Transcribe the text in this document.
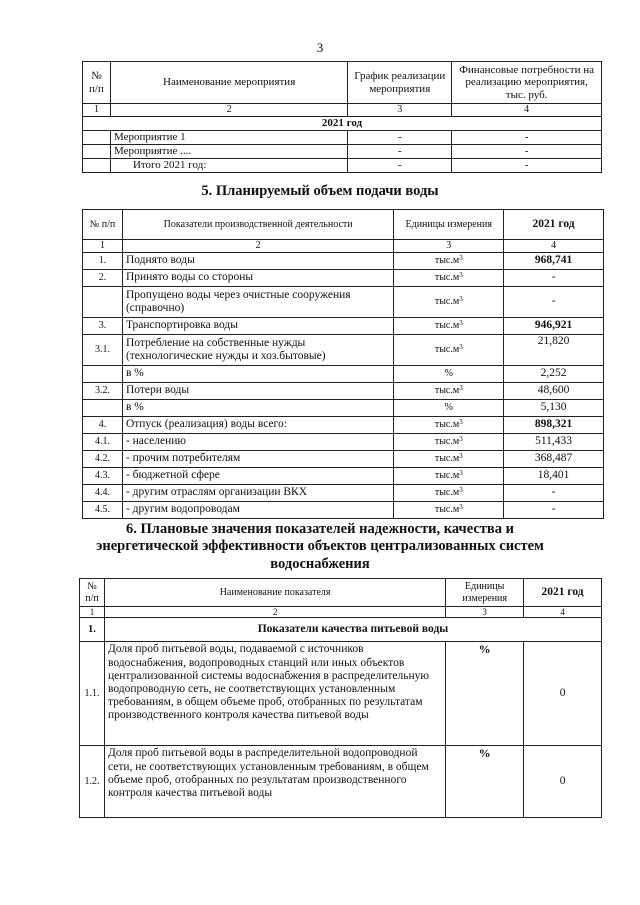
3
№ п/п	Наименование мероприятия	График реализации мероприятия	Финансовые потребности на реализацию мероприятия, тыс. руб.
1	2	3	4
2021 год			
	Мероприятие 1	-	-
	Мероприятие ....	-	-
	Итого 2021 год:	-	-
5. Планируемый объем подачи воды
№ п/п	Показатели производственной деятельности	Единицы измерения	2021 год
1	2	3	4
1.	Поднято воды	$тыс.м^3$	968,741
2.	Принято воды со стороны	$тыс.м^3$	-
	Пропущено воды через очистные сооружения (справочно)	$тыс.м^3$	-
3.	Транспортировка воды	$тыс.м^3$	946,921
3.1.	Потребление на собственные нужды (технологические нужды и хоз.бытовые)	$тыс.м^3$	21,820
	в %	%	2,252
3.2.	Потери воды	$тыс.м^3$	48,600
	в %	%	5,130
4.	Отпуск (реализация) воды всего:	$тыс.м^3$	898,321
4.1.	- населению	$тыс.м^3$	511,433
4.2.	- прочим потребителям	$тыс.м^3$	368,487
4.3.	- бюджетной сфере	$тыс.м^3$	18,401
4.4.	- другим отраслям организации ВКХ	$тыс.м^3$	-
4.5.	- другим водопроводам	$тыс.м^3$	-
6. Плановые значения показателей надежности, качества и
энергетической эффективности объектов централизованных систем
водоснабжения
№ п/п	Наименование показателя	Единицы измерения	2021 год
1	2	3	4
1.	Показатели качества питьевой воды		
1.1.	Доля проб питьевой воды, подаваемой с источников водоснабжения, водопроводных станций или иных объектов централизованной системы водоснабжения в распределительную водопроводную сеть, не соответствующих установленным требованиям, в общем объеме проб, отобранных по результатам производственного контроля качества питьевой воды	%	0
1.2.	Доля проб питьевой воды в распределительной водопроводной сети, не соответствующих установленным требованиям, в общем объеме проб, отобранных по результатам производственного контроля качества питьевой воды	%	0
